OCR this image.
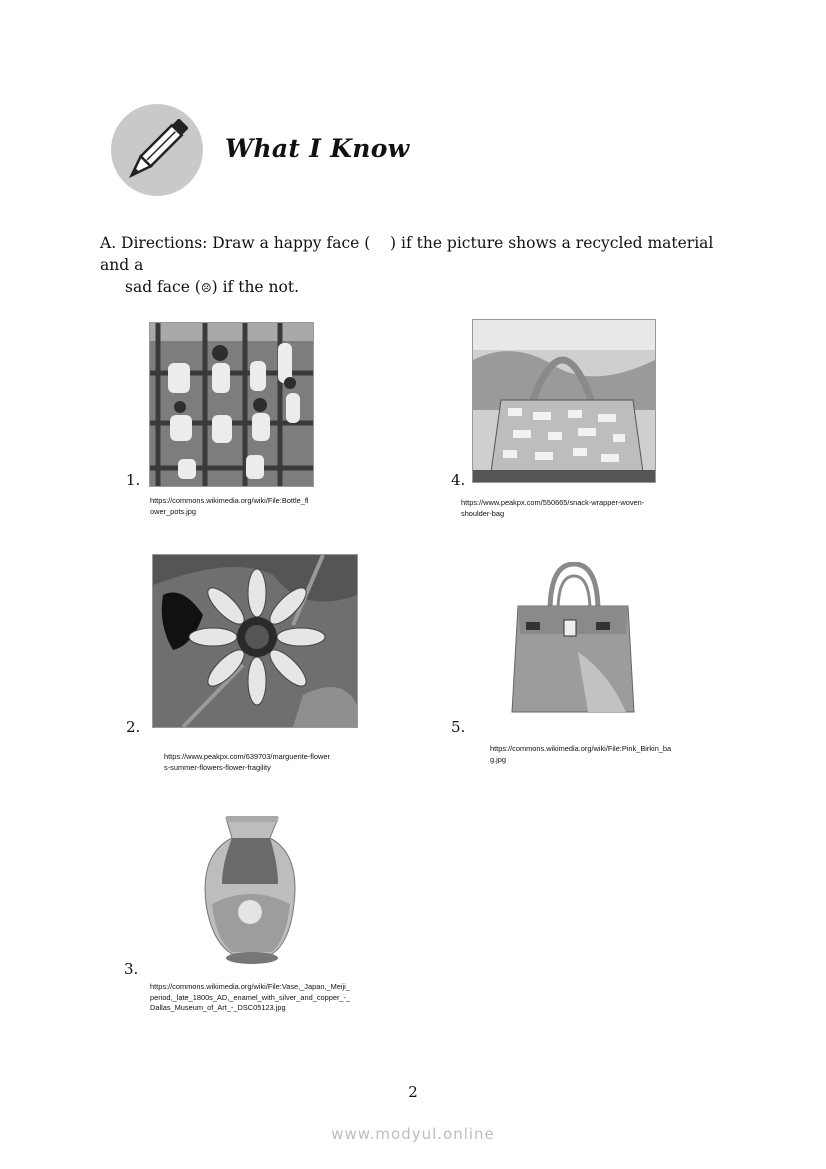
What I Know
A. Directions: Draw a happy face ( ) if the picture shows a recycled material and a
sad face (☹) if the not.
1.
https://commons.wikimedia.org/wiki/File:Bottle_flower_pots.jpg
4.
https://www.peakpx.com/550665/snack-wrapper-woven-shoulder-bag
2.
https://www.peakpx.com/639703/marguerite-flowers-summer-flowers-flower-fragility
5.
https://commons.wikimedia.org/wiki/File:Pink_Birkin_bag.jpg
3.
https://commons.wikimedia.org/wiki/File:Vase,_Japan,_Meiji_period,_late_1800s_AD,_enamel_with_silver_and_copper_-_Dallas_Museum_of_Art_-_DSC05123.jpg
2
www.modyul.online
